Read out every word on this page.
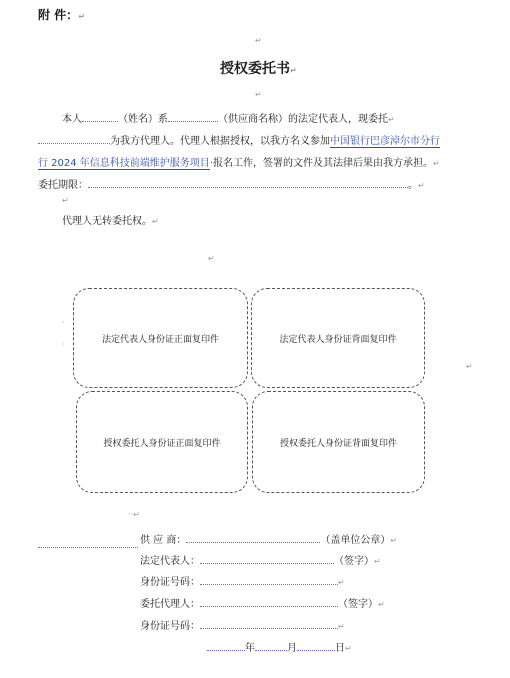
附 件：↵
↵
授权委托书↵
↵
本人	（姓名）系	（供应商名称）的法定代表人，现委托↵
为我方代理人。代理人根据授权，以我方名义参加中国银行巴彦淖尔市分行
行 2024 年信息科技前端维护服务项目·报名工作，签署的文件及其法律后果由我方承担。↵
委托期限：	。↵
↵
代理人无转委托权。↵
↵
·
·
↵
法定代表人身份证正面复印件	法定代表人身份证背面复印件
授权委托人身份证正面复印件	授权委托人身份证背面复印件
··↵
供 应 商：	（盖单位公章）↵
法定代表人：	（签字）↵
身份证号码：	↵
委托代理人：	（签字）↵
身份证号码：	↵
年	月	日↵
